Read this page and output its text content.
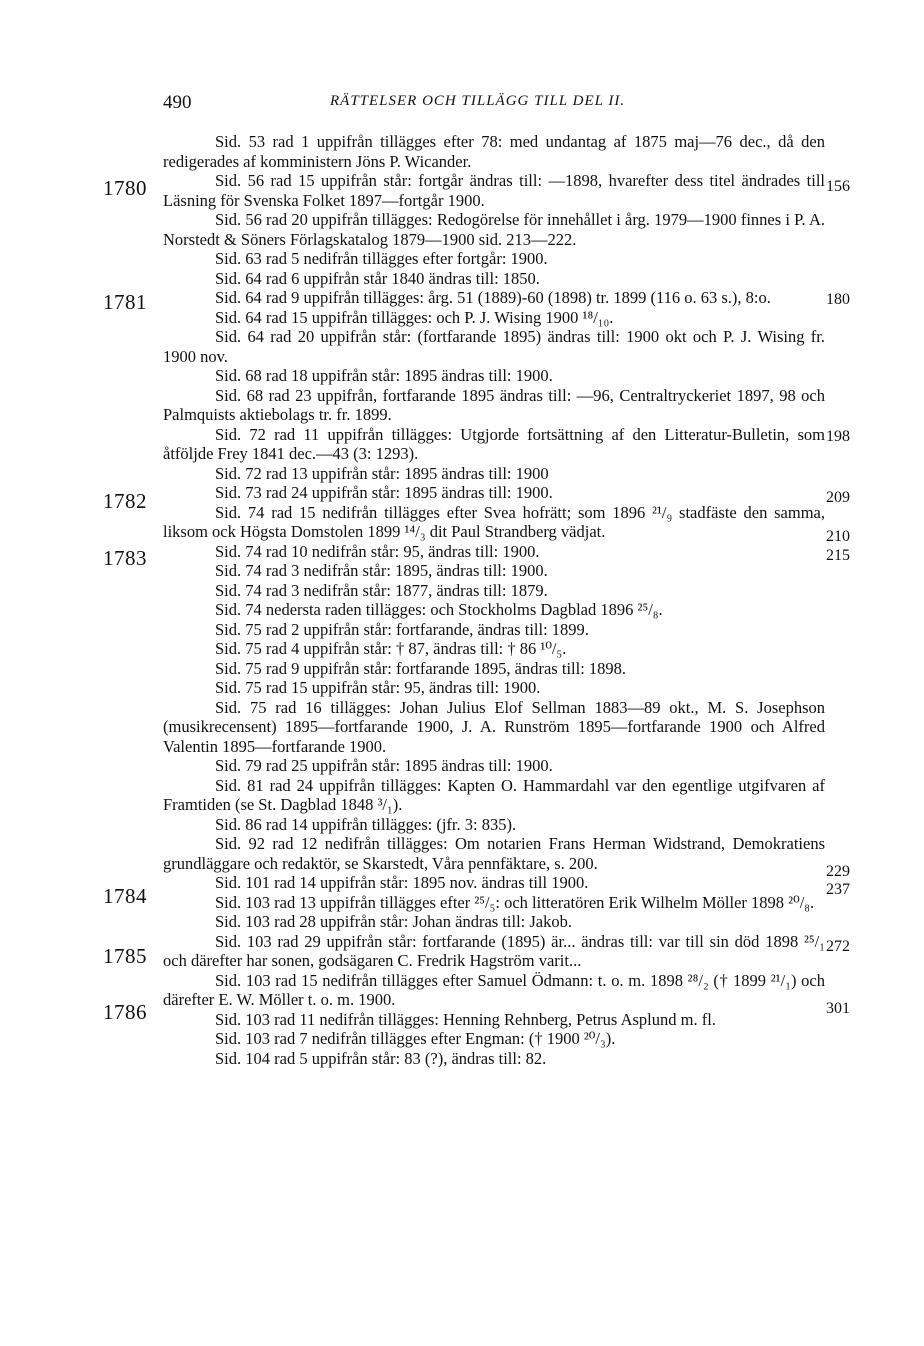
490	RÄTTELSER OCH TILLÄGG TILL DEL II.
1780
1781
1782
1783
1784
1785
1786
156
180
198
209
210
215
229
237
272
301

Sid. 53 rad 1 uppifrån tillägges efter 78: med undantag af 1875 maj—76 dec., då den redigerades af komministern Jöns P. Wicander.

Sid. 56 rad 15 uppifrån står: fortgår ändras till: —1898, hvarefter dess titel ändrades till Läsning för Svenska Folket 1897—fortgår 1900.

Sid. 56 rad 20 uppifrån tillägges: Redogörelse för innehållet i årg. 1979—1900 finnes i P. A. Norstedt & Söners Förlagskatalog 1879—1900 sid. 213—222.

Sid. 63 rad 5 nedifrån tillägges efter fortgår: 1900.

Sid. 64 rad 6 uppifrån står 1840 ändras till: 1850.

Sid. 64 rad 9 uppifrån tillägges: årg. 51 (1889)-60 (1898) tr. 1899 (116 o. 63 s.), 8:o.

Sid. 64 rad 15 uppifrån tillägges: och P. J. Wising 1900 ¹⁸/₁₀.

Sid. 64 rad 20 uppifrån står: (fortfarande 1895) ändras till: 1900 okt och P. J. Wising fr. 1900 nov.

Sid. 68 rad 18 uppifrån står: 1895 ändras till: 1900.

Sid. 68 rad 23 uppifrån, fortfarande 1895 ändras till: —96, Centraltryckeriet 1897, 98 och Palmquists aktiebolags tr. fr. 1899.

Sid. 72 rad 11 uppifrån tillägges: Utgjorde fortsättning af den Litteratur-Bulletin, som åtföljde Frey 1841 dec.—43 (3: 1293).

Sid. 72 rad 13 uppifrån står: 1895 ändras till: 1900

Sid. 73 rad 24 uppifrån står: 1895 ändras till: 1900.

Sid. 74 rad 15 nedifrån tillägges efter Svea hofrätt; som 1896 ²¹/₉ stadfäste den samma, liksom ock Högsta Domstolen 1899 ¹⁴/₃ dit Paul Strandberg vädjat.

Sid. 74 rad 10 nedifrån står: 95, ändras till: 1900.

Sid. 74 rad 3 nedifrån står: 1895, ändras till: 1900.

Sid. 74 rad 3 nedifrån står: 1877, ändras till: 1879.

Sid. 74 nedersta raden tillägges: och Stockholms Dagblad 1896 ²⁵/₈.

Sid. 75 rad 2 uppifrån står: fortfarande, ändras till: 1899.

Sid. 75 rad 4 uppifrån står: † 87, ändras till: † 86 ¹⁰/₅.

Sid. 75 rad 9 uppifrån står: fortfarande 1895, ändras till: 1898.

Sid. 75 rad 15 uppifrån står: 95, ändras till: 1900.

Sid. 75 rad 16 tillägges: Johan Julius Elof Sellman 1883—89 okt., M. S. Josephson (musikrecensent) 1895—fortfarande 1900, J. A. Runström 1895—fortfarande 1900 och Alfred Valentin 1895—fortfarande 1900.

Sid. 79 rad 25 uppifrån står: 1895 ändras till: 1900.

Sid. 81 rad 24 uppifrån tillägges: Kapten O. Hammardahl var den egentlige utgifvaren af Framtiden (se St. Dagblad 1848 ³/₁).

Sid. 86 rad 14 uppifrån tillägges: (jfr. 3: 835).

Sid. 92 rad 12 nedifrån tillägges: Om notarien Frans Herman Widstrand, Demokratiens grundläggare och redaktör, se Skarstedt, Våra pennfäktare, s. 200.

Sid. 101 rad 14 uppifrån står: 1895 nov. ändras till 1900.

Sid. 103 rad 13 uppifrån tillägges efter ²⁵/₅: och litteratören Erik Wilhelm Möller 1898 ²⁰/₈.

Sid. 103 rad 28 uppifrån står: Johan ändras till: Jakob.

Sid. 103 rad 29 uppifrån står: fortfarande (1895) är... ändras till: var till sin död 1898 ²⁵/₁ och därefter har sonen, godsägaren C. Fredrik Hagström varit...

Sid. 103 rad 15 nedifrån tillägges efter Samuel Ödmann: t. o. m. 1898 ²⁸/₂ († 1899 ²¹/₁) och därefter E. W. Möller t. o. m. 1900.

Sid. 103 rad 11 nedifrån tillägges: Henning Rehnberg, Petrus Asplund m. fl.

Sid. 103 rad 7 nedifrån tillägges efter Engman: († 1900 ²⁰/₃).

Sid. 104 rad 5 uppifrån står: 83 (?), ändras till: 82.
